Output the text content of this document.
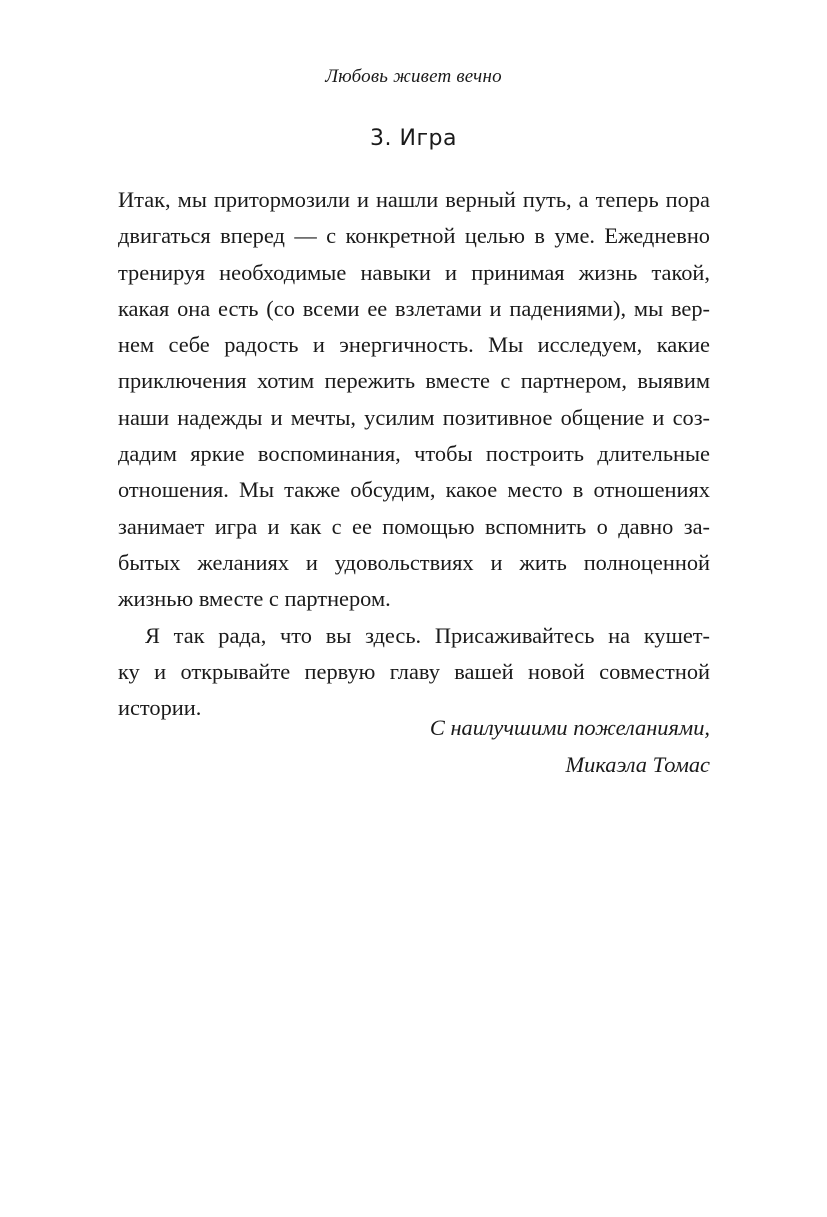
Любовь живет вечно
3. Игра
Итак, мы притормозили и нашли верный путь, а теперь пора
двигаться вперед — с конкретной целью в уме. Ежедневно
тренируя необходимые навыки и принимая жизнь такой,
какая она есть (со всеми ее взлетами и падениями), мы вер-
нем себе радость и энергичность. Мы исследуем, какие
приключения хотим пережить вместе с партнером, выявим
наши надежды и мечты, усилим позитивное общение и соз-
дадим яркие воспоминания, чтобы построить длительные
отношения. Мы также обсудим, какое место в отношениях
занимает игра и как с ее помощью вспомнить о давно за-
бытых желаниях и удовольствиях и жить полноценной
жизнью вместе с партнером.
Я так рада, что вы здесь. Присаживайтесь на кушет-
ку и открывайте первую главу вашей новой совместной
истории.
С наилучшими пожеланиями,
Микаэла Томас
